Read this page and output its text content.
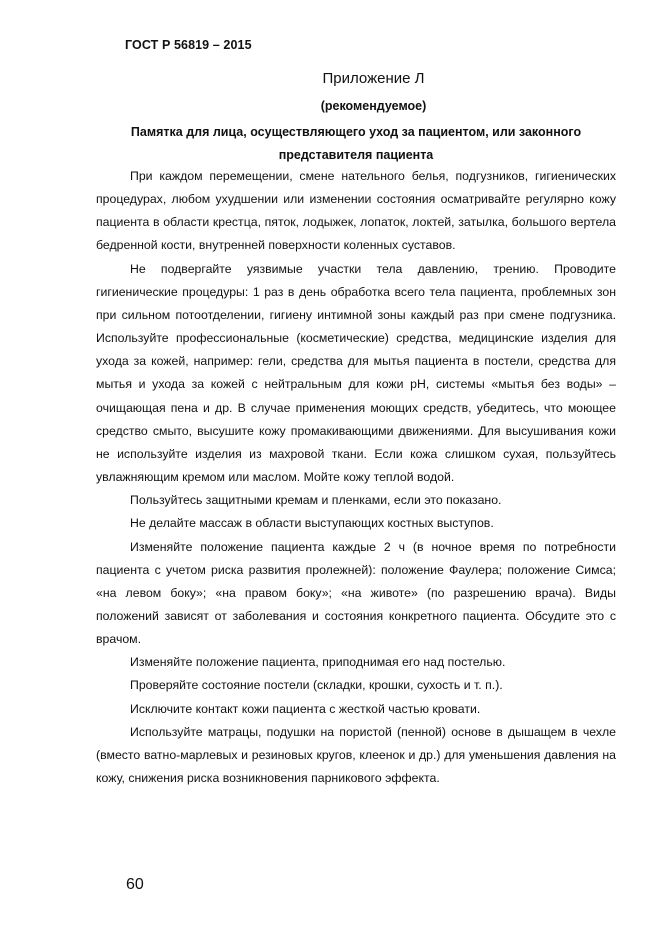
ГОСТ Р 56819 – 2015
Приложение Л
(рекомендуемое)
Памятка для лица, осуществляющего уход за пациентом, или законного представителя пациента

При каждом перемещении, смене нательного белья, подгузников, гигиенических процедурах, любом ухудшении или изменении состояния осматривайте регулярно кожу пациента в области крестца, пяток, лодыжек, лопаток, локтей, затылка, большого вертела бедренной кости, внутренней поверхности коленных суставов.

Не подвергайте уязвимые участки тела давлению, трению. Проводите гигиенические процедуры: 1 раз в день обработка всего тела пациента, проблемных зон при сильном потоотделении, гигиену интимной зоны каждый раз при смене подгузника. Используйте профессиональные (косметические) средства, медицинские изделия для ухода за кожей, например: гели, средства для мытья пациента в постели, средства для мытья и ухода за кожей с нейтральным для кожи pH, системы «мытья без воды» – очищающая пена и др. В случае применения моющих средств, убедитесь, что моющее средство смыто, высушите кожу промакивающими движениями. Для высушивания кожи не используйте изделия из махровой ткани. Если кожа слишком сухая, пользуйтесь увлажняющим кремом или маслом. Мойте кожу теплой водой.

Пользуйтесь защитными кремам и пленками, если это показано.

Не делайте массаж в области выступающих костных выступов.

Изменяйте положение пациента каждые 2 ч (в ночное время по потребности пациента с учетом риска развития пролежней): положение Фаулера; положение Симса; «на левом боку»; «на правом боку»; «на животе» (по разрешению врача). Виды положений зависят от заболевания и состояния конкретного пациента. Обсудите это с врачом.

Изменяйте положение пациента, приподнимая его над постелью.

Проверяйте состояние постели (складки, крошки, сухость и т. п.).

Исключите контакт кожи пациента с жесткой частью кровати.

Используйте матрацы, подушки на пористой (пенной) основе в дышащем в чехле (вместо ватно-марлевых и резиновых кругов, клеенок и др.) для уменьшения давления на кожу, снижения риска возникновения парникового эффекта.

60
